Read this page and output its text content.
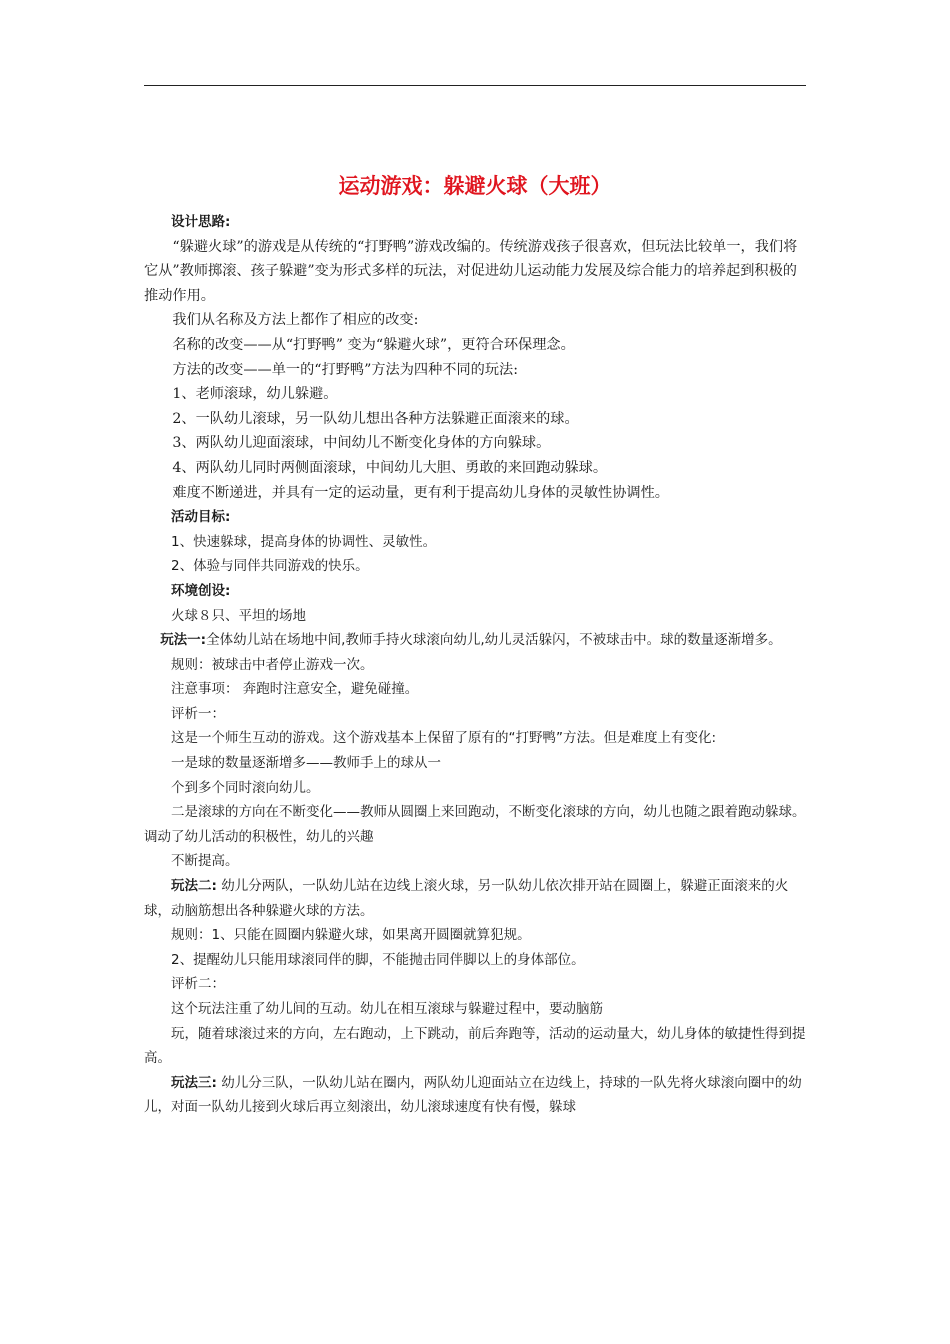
运动游戏：躲避火球（大班）

设计思路:

“躲避火球”的游戏是从传统的“打野鸭”游戏改编的。传统游戏孩子很喜欢，但玩法比较单一，我们将它从”教师掷滚、孩子躲避”变为形式多样的玩法，对促进幼儿运动能力发展及综合能力的培养起到积极的推动作用。

我们从名称及方法上都作了相应的改变:

名称的改变——从“打野鸭” 变为“躲避火球”，更符合环保理念。

方法的改变——单一的“打野鸭”方法为四种不同的玩法:

1、老师滚球，幼儿躲避。

2、一队幼儿滚球，另一队幼儿想出各种方法躲避正面滚来的球。

3、两队幼儿迎面滚球，中间幼儿不断变化身体的方向躲球。

4、两队幼儿同时两侧面滚球，中间幼儿大胆、勇敢的来回跑动躲球。

难度不断递进，并具有一定的运动量，更有利于提高幼儿身体的灵敏性协调性。

活动目标:

1、快速躲球，提高身体的协调性、灵敏性。

2、体验与同伴共同游戏的快乐。

环境创设:

火球８只、平坦的场地

玩法一:全体幼儿站在场地中间,教师手持火球滚向幼儿,幼儿灵活躲闪，不被球击中。球的数量逐渐增多。

规则：被球击中者停止游戏一次。

注意事项： 奔跑时注意安全，避免碰撞。

评析一：

这是一个师生互动的游戏。这个游戏基本上保留了原有的“打野鸭”方法。但是难度上有变化:

一是球的数量逐渐增多——教师手上的球从一

个到多个同时滚向幼儿。

二是滚球的方向在不断变化——教师从圆圈上来回跑动，不断变化滚球的方向，幼儿也随之跟着跑动躲球。调动了幼儿活动的积极性，幼儿的兴趣

不断提高。

玩法二: 幼儿分两队，一队幼儿站在边线上滚火球，另一队幼儿依次排开站在圆圈上，躲避正面滚来的火球，动脑筋想出各种躲避火球的方法。

规则：1、只能在圆圈内躲避火球，如果离开圆圈就算犯规。

2、提醒幼儿只能用球滚同伴的脚，不能抛击同伴脚以上的身体部位。

评析二：

这个玩法注重了幼儿间的互动。幼儿在相互滚球与躲避过程中，要动脑筋

玩，随着球滚过来的方向，左右跑动，上下跳动，前后奔跑等，活动的运动量大，幼儿身体的敏捷性得到提高。

玩法三: 幼儿分三队，一队幼儿站在圈内，两队幼儿迎面站立在边线上，持球的一队先将火球滚向圈中的幼儿，对面一队幼儿接到火球后再立刻滚出，幼儿滚球速度有快有慢，躲球
